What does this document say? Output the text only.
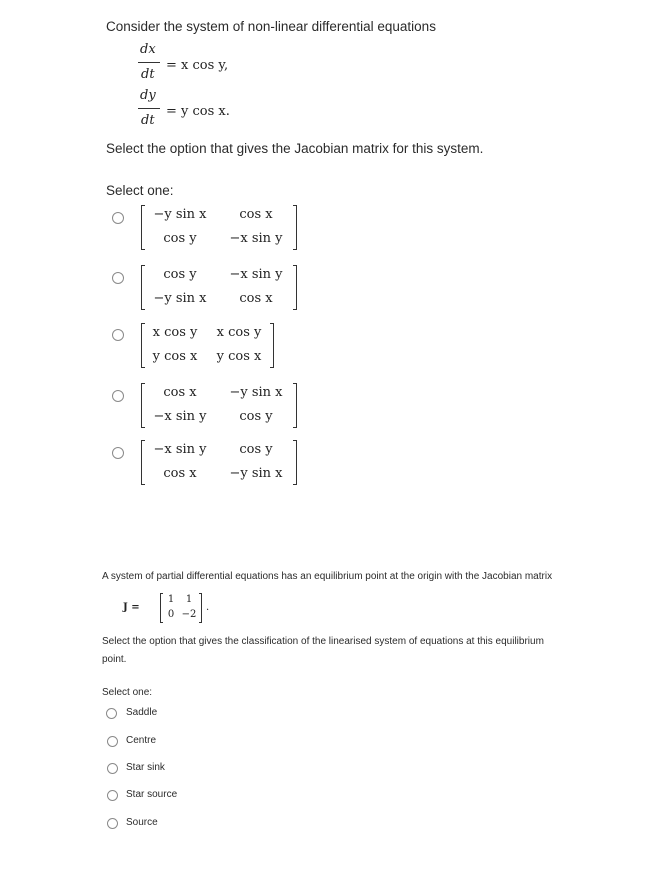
Consider the system of non-linear differential equations
dx
dt
= x cos y,
dy
dt
= y cos x.
Select the option that gives the Jacobian matrix for this system.
Select one:
−y sin x	cos x
cos y	−x sin y
cos y	−x sin y
−y sin x	cos x
x cos y	x cos y
y cos x	y cos x
cos x	−y sin x
−x sin y	cos y
−x sin y	cos y
cos x	−y sin x
A system of partial differential equations has an equilibrium point at the origin with the Jacobian matrix
J =
1	1
0 −2
.
Select the option that gives the classification of the linearised system of equations at this equilibrium
point.
Select one:
Saddle
Centre
Star sink
Star source
Source
